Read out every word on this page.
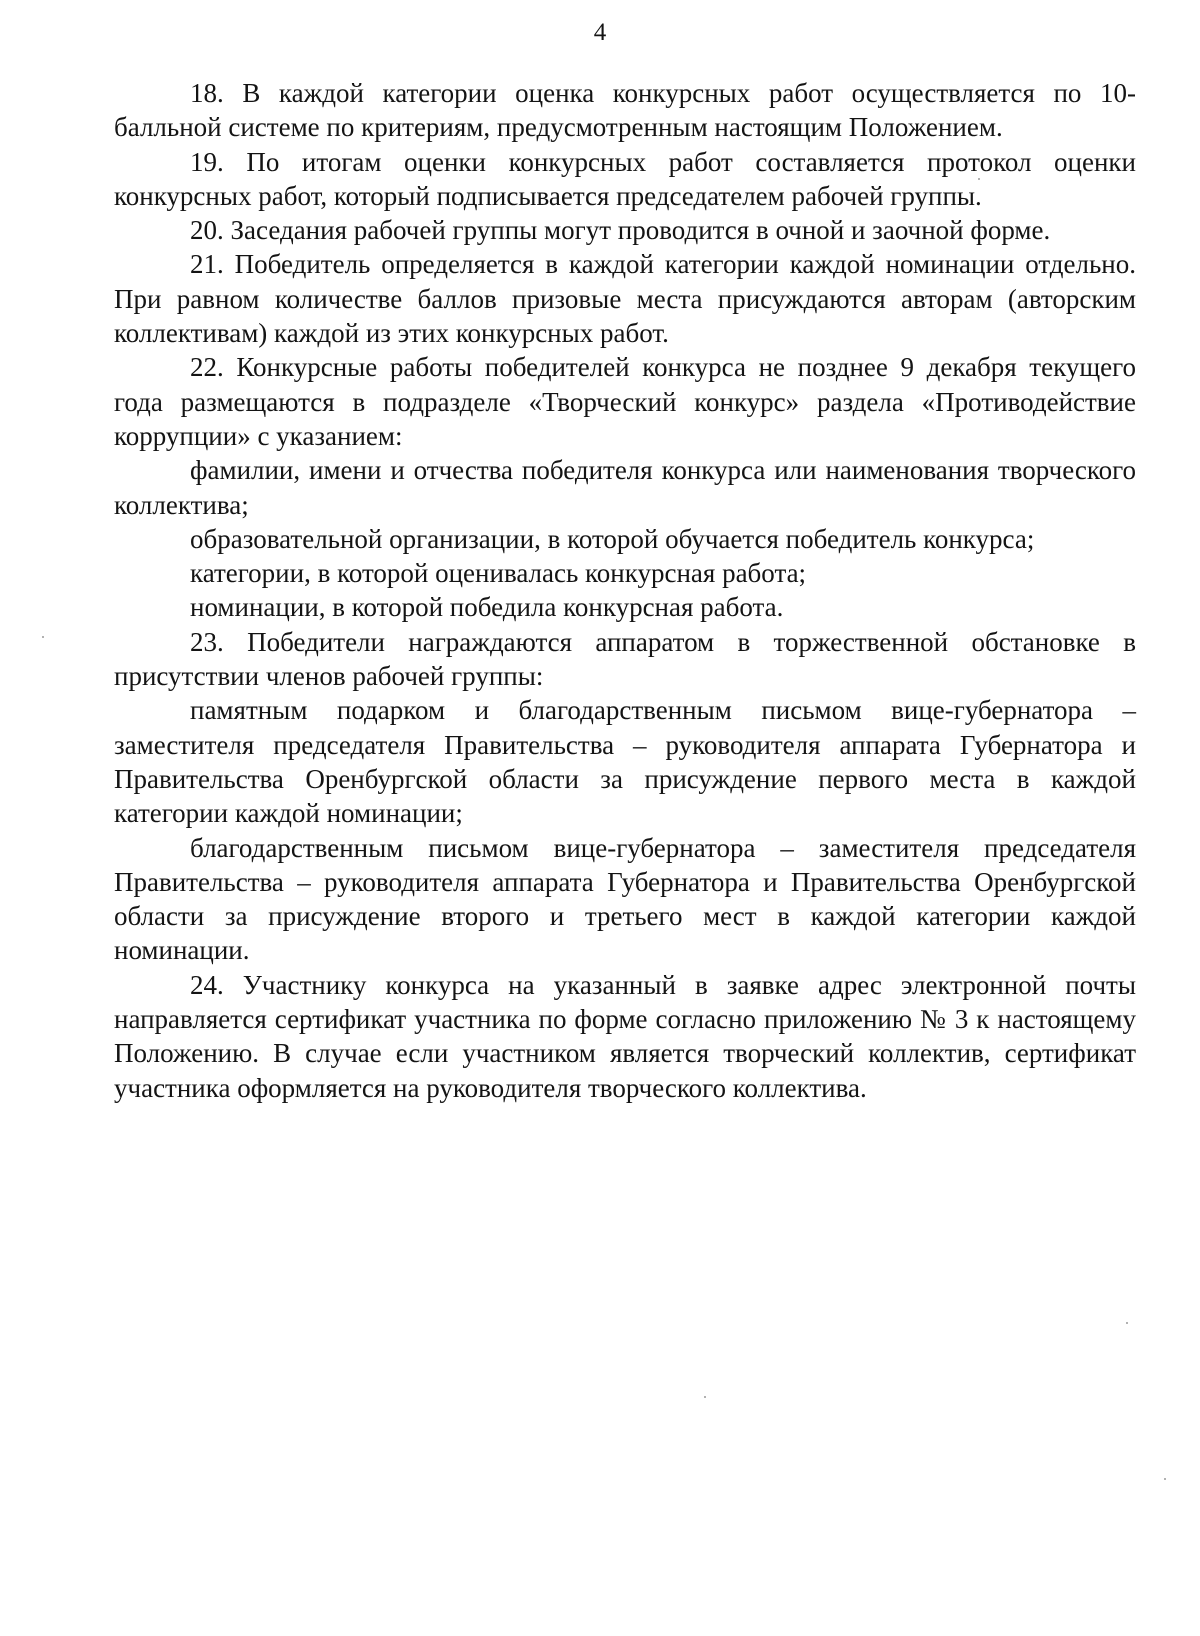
4

18. В каждой категории оценка конкурсных работ осуществляется по 10-балльной системе по критериям, предусмотренным настоящим Положением.

19. По итогам оценки конкурсных работ составляется протокол оценки конкурсных работ, который подписывается председателем рабочей группы.

20. Заседания рабочей группы могут проводится в очной и заочной форме.

21. Победитель определяется в каждой категории каждой номинации отдельно. При равном количестве баллов призовые места присуждаются авторам (авторским коллективам) каждой из этих конкурсных работ.

22. Конкурсные работы победителей конкурса не позднее 9 декабря текущего года размещаются в подразделе «Творческий конкурс» раздела «Противодействие коррупции» с указанием:

фамилии, имени и отчества победителя конкурса или наименования творческого коллектива;

образовательной организации, в которой обучается победитель конкурса;

категории, в которой оценивалась конкурсная работа;

номинации, в которой победила конкурсная работа.

23. Победители награждаются аппаратом в торжественной обстановке в присутствии членов рабочей группы:

памятным подарком и благодарственным письмом вице-губернатора – заместителя председателя Правительства – руководителя аппарата Губернатора и Правительства Оренбургской области за присуждение первого места в каждой категории каждой номинации;

благодарственным письмом вице-губернатора – заместителя председателя Правительства – руководителя аппарата Губернатора и Правительства Оренбургской области за присуждение второго и третьего мест в каждой категории каждой номинации.

24. Участнику конкурса на указанный в заявке адрес электронной почты направляется сертификат участника по форме согласно приложению № 3 к настоящему Положению. В случае если участником является творческий коллектив, сертификат участника оформляется на руководителя творческого коллектива.
